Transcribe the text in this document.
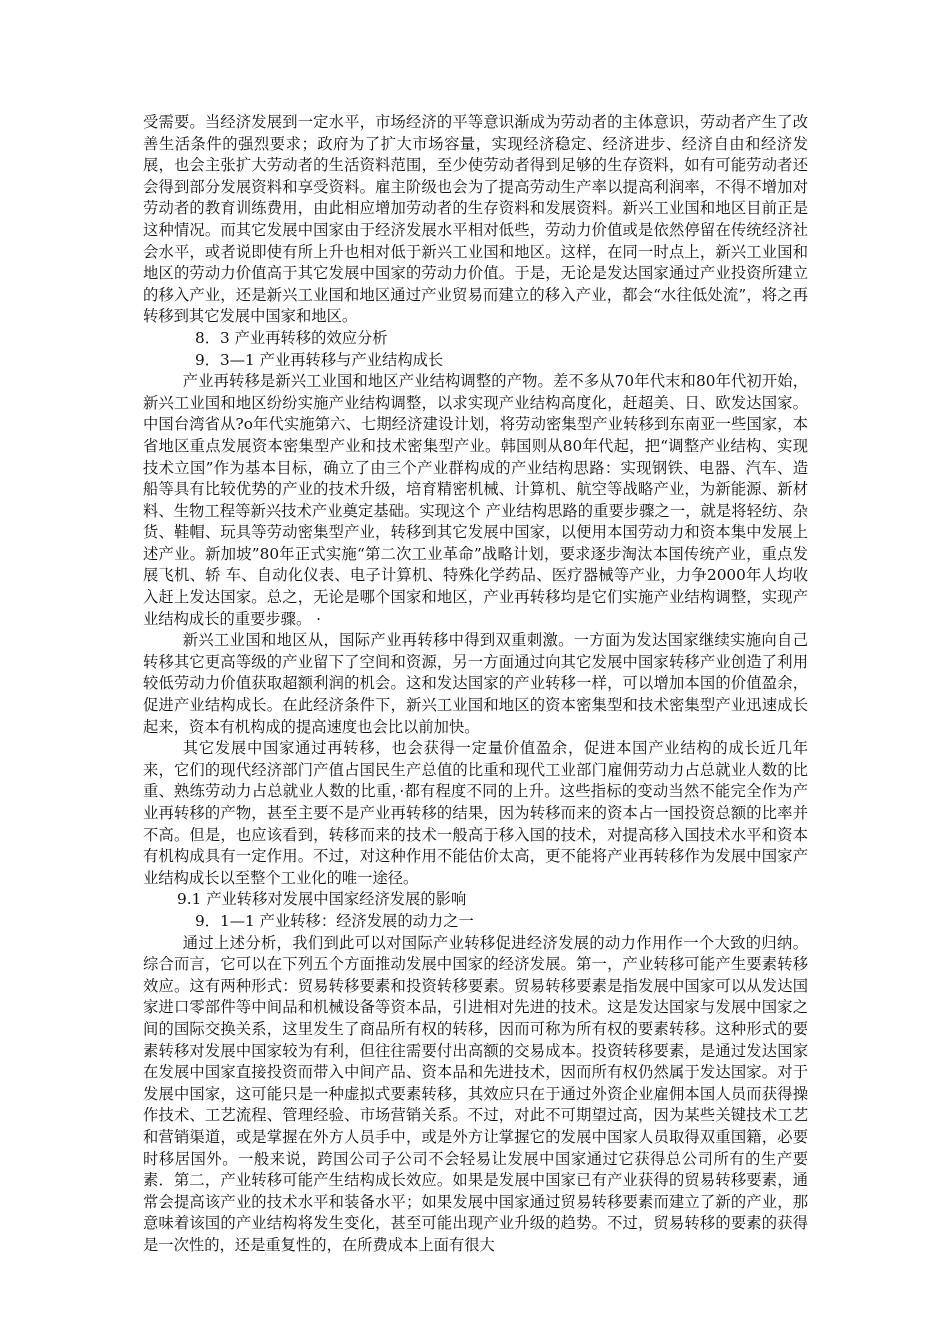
受需要。当经济发展到一定水平，市场经济的平等意识渐成为劳动者的主体意识，劳动者产生了改善生活条件的强烈要求；政府为了扩大市场容量，实现经济稳定、经济进步、经济自由和经济发展，也会主张扩大劳动者的生活资料范围，至少使劳动者得到足够的生存资料，如有可能劳动者还会得到部分发展资料和享受资料。雇主阶级也会为了提高劳动生产率以提高利润率，不得不增加对劳动者的教育训练费用，由此相应增加劳动者的生存资料和发展资料。新兴工业国和地区目前正是这种情况。而其它发展中国家由于经济发展水平相对低些，劳动力价值或是依然停留在传统经济社会水平，或者说即使有所上升也相对低于新兴工业国和地区。这样，在同一时点上，新兴工业国和地区的劳动力价值高于其它发展中国家的劳动力价值。于是，无论是发达国家通过产业投资所建立的移入产业，还是新兴工业国和地区通过产业贸易而建立的移入产业，都会“水往低处流”，将之再转移到其它发展中国家和地区。

8．3 产业再转移的效应分析

9．3—1 产业再转移与产业结构成长

产业再转移是新兴工业国和地区产业结构调整的产物。差不多从70年代末和80年代初开始，新兴工业国和地区纷纷实施产业结构调整，以求实现产业结构高度化，赶超美、日、欧发达国家。中国台湾省从?o年代实施第六、七期经济建设计划，将劳动密集型产业转移到东南亚一些国家，本省地区重点发展资本密集型产业和技术密集型产业。韩国则从80年代起，把“调整产业结构、实现技术立国”作为基本目标，确立了由三个产业群构成的产业结构思路：实现钢铁、电器、汽车、造船等具有比较优势的产业的技术升级，培育精密机械、计算机、航空等战略产业，为新能源、新材料、生物工程等新兴技术产业奠定基础。实现这个 产业结构思路的重要步骤之一，就是将轻纺、杂货、鞋帽、玩具等劳动密集型产业，转移到其它发展中国家，以便用本国劳动力和资本集中发展上述产业。新加坡”80年正式实施“第二次工业革命”战略计划，要求逐步淘汰本国传统产业，重点发展飞机、轿 车、自动化仪表、电子计算机、特殊化学药品、医疗器械等产业，力争2000年人均收入赶上发达国家。总之，无论是哪个国家和地区，产业再转移均是它们实施产业结构调整，实现产业结构成长的重要步骤。 ·

新兴工业国和地区从，国际产业再转移中得到双重刺激。一方面为发达国家继续实施向自己转移其它更高等级的产业留下了空间和资源，另一方面通过向其它发展中国家转移产业创造了利用较低劳动力价值获取超额利润的机会。这和发达国家的产业转移一样，可以增加本国的价值盈余，促进产业结构成长。在此经济条件下，新兴工业国和地区的资本密集型和技术密集型产业迅速成长起来，资本有机构成的提高速度也会比以前加快。

其它发展中国家通过再转移，也会获得一定量价值盈余，促进本国产业结构的成长近几年来，它们的现代经济部门产值占国民生产总值的比重和现代工业部门雇佣劳动力占总就业人数的比重、熟练劳动力占总就业人数的比重，·都有程度不同的上升。这些指标的变动当然不能完全作为产业再转移的产物，甚至主要不是产业再转移的结果，因为转移而来的资本占一国投资总额的比率并不高。但是，也应该看到，转移而来的技术一般高于移入国的技术，对提高移入国技术水平和资本有机构成具有一定作用。不过，对这种作用不能估价太高，更不能将产业再转移作为发展中国家产业结构成长以至整个工业化的唯一途径。

9.1 产业转移对发展中国家经济发展的影响

9．1—1 产业转移：经济发展的动力之一

通过上述分析，我们到此可以对国际产业转移促进经济发展的动力作用作一个大致的归纳。综合而言，它可以在下列五个方面推动发展中国家的经济发展。第一，产业转移可能产生要素转移效应。这有两种形式：贸易转移要素和投资转移要素。贸易转移要素是指发展中国家可以从发达国家进口零部件等中间品和机械设备等资本品，引进相对先进的技术。这是发达国家与发展中国家之间的国际交换关系，这里发生了商品所有权的转移，因而可称为所有权的要素转移。这种形式的要素转移对发展中国家较为有利，但往往需要付出高额的交易成本。投资转移要素，是通过发达国家在发展中国家直接投资而带入中间产品、资本品和先进技术，因而所有权仍然属于发达国家。对于发展中国家，这可能只是一种虚拟式要素转移，其效应只在于通过外资企业雇佣本国人员而获得操作技术、工艺流程、管理经验、市场营销关系。不过，对此不可期望过高，因为某些关键技术工艺和营销渠道，或是掌握在外方人员手中，或是外方让掌握它的发展中国家人员取得双重国籍，必要时移居国外。一般来说，跨国公司子公司不会轻易让发展中国家通过它获得总公司所有的生产要素．第二，产业转移可能产生结构成长效应。如果是发展中国家已有产业获得的贸易转移要素，通常会提高该产业的技术水平和装备水平；如果发展中国家通过贸易转移要素而建立了新的产业，那意味着该国的产业结构将发生变化，甚至可能出现产业升级的趋势。不过，贸易转移的要素的获得是一次性的，还是重复性的，在所费成本上面有很大
